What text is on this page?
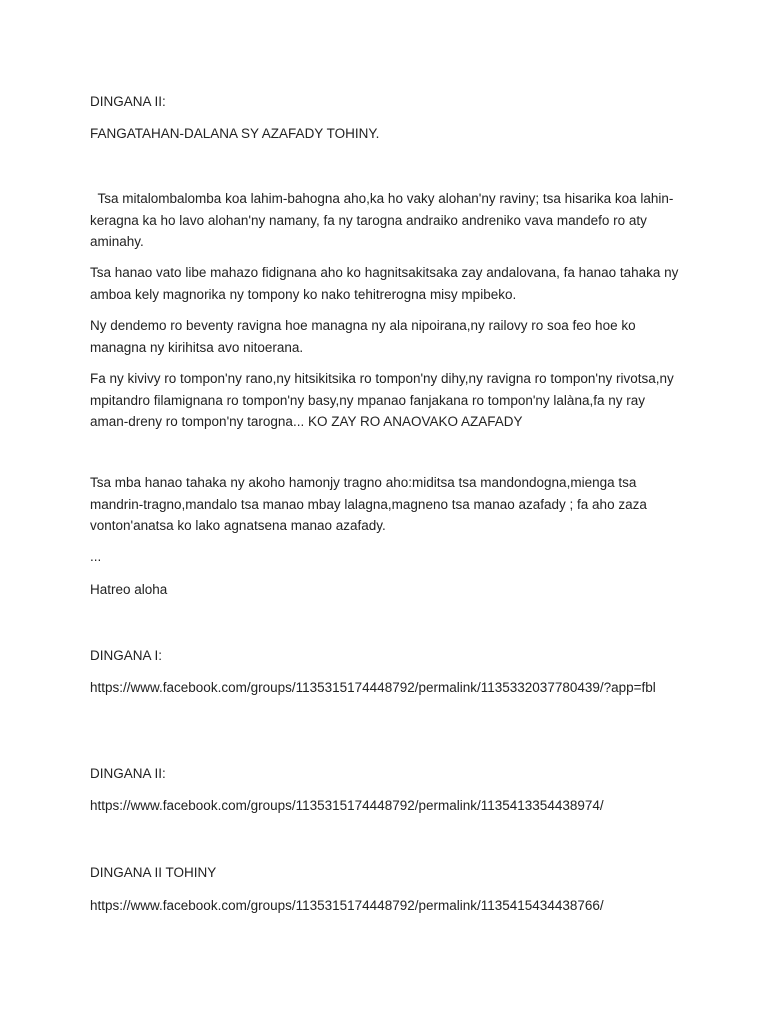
DINGANA II:

FANGATAHAN-DALANA SY AZAFADY TOHINY.

Tsa mitalombalomba koa lahim-bahogna aho,ka ho vaky alohan'ny raviny; tsa hisarika koa lahin-keragna ka ho lavo alohan'ny namany, fa ny tarogna andraiko andreniko vava mandefo ro aty aminahy.

Tsa hanao vato libe mahazo fidignana aho ko hagnitsakitsaka zay andalovana, fa hanao tahaka ny amboa kely magnorika ny tompony ko nako tehitrerogna misy mpibeko.

Ny dendemo ro beventy ravigna hoe managna ny ala nipoirana,ny railovy ro soa feo hoe ko managna ny kirihitsa avo nitoerana.

Fa ny kivivy ro tompon'ny rano,ny hitsikitsika ro tompon'ny dihy,ny ravigna ro tompon'ny rivotsa,ny mpitandro filamignana ro tompon'ny basy,ny mpanao fanjakana ro tompon'ny lalàna,fa ny ray aman-dreny ro tompon'ny tarogna... KO ZAY RO ANAOVAKO AZAFADY

Tsa mba hanao tahaka ny akoho hamonjy tragno aho:miditsa tsa mandondogna,mienga tsa mandrin-tragno,mandalo tsa manao mbay lalagna,magneno tsa manao azafady ; fa aho zaza vonton'anatsa ko lako agnatsena manao azafady.

...

Hatreo aloha

DINGANA I:

https://www.facebook.com/groups/1135315174448792/permalink/1135332037780439/?app=fbl

DINGANA II:

https://www.facebook.com/groups/1135315174448792/permalink/1135413354438974/

DINGANA II TOHINY

https://www.facebook.com/groups/1135315174448792/permalink/1135415434438766/
